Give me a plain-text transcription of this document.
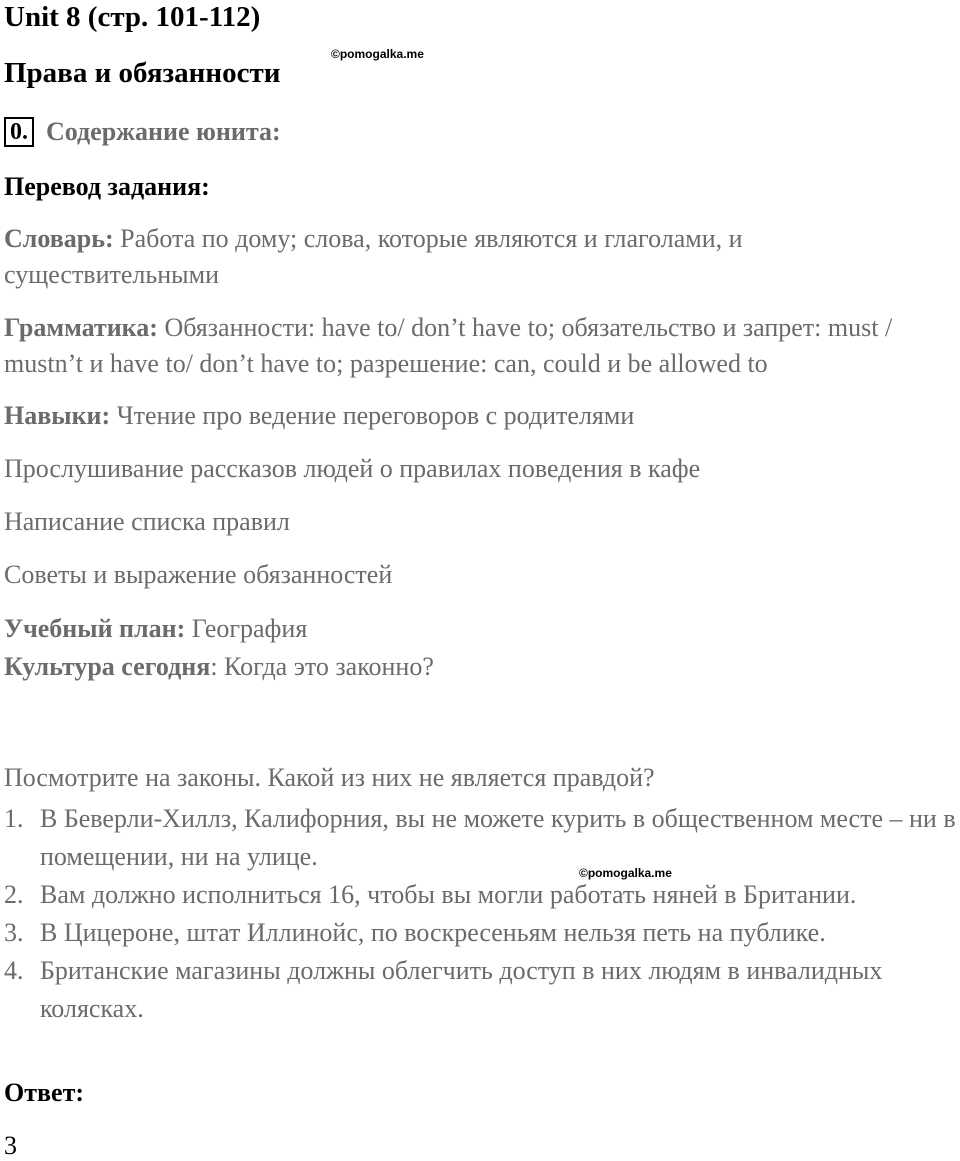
Unit 8 (стр. 101-112)
Права и обязанности
©pomogalka.me
0. Содержание юнита:
Перевод задания:
Словарь: Работа по дому; слова, которые являются и глаголами, и существительными
Грамматика: Обязанности: have to/ don’t have to; обязательство и запрет: must / mustn’t и have to/ don’t have to; разрешение: can, could и be allowed to
Навыки: Чтение про ведение переговоров с родителями
Прослушивание рассказов людей о правилах поведения в кафе
Написание списка правил
Советы и выражение обязанностей
Учебный план: География
Культура сегодня: Когда это законно?
Посмотрите на законы. Какой из них не является правдой?
1. В Беверли-Хиллз, Калифорния, вы не можете курить в общественном месте – ни в помещении, ни на улице.
2. Вам должно исполниться 16, чтобы вы могли работать няней в Британии.
3. В Цицероне, штат Иллинойс, по воскресеньям нельзя петь на публике.
4. Британские магазины должны облегчить доступ в них людям в инвалидных колясках.
©pomogalka.me
Ответ:
3
